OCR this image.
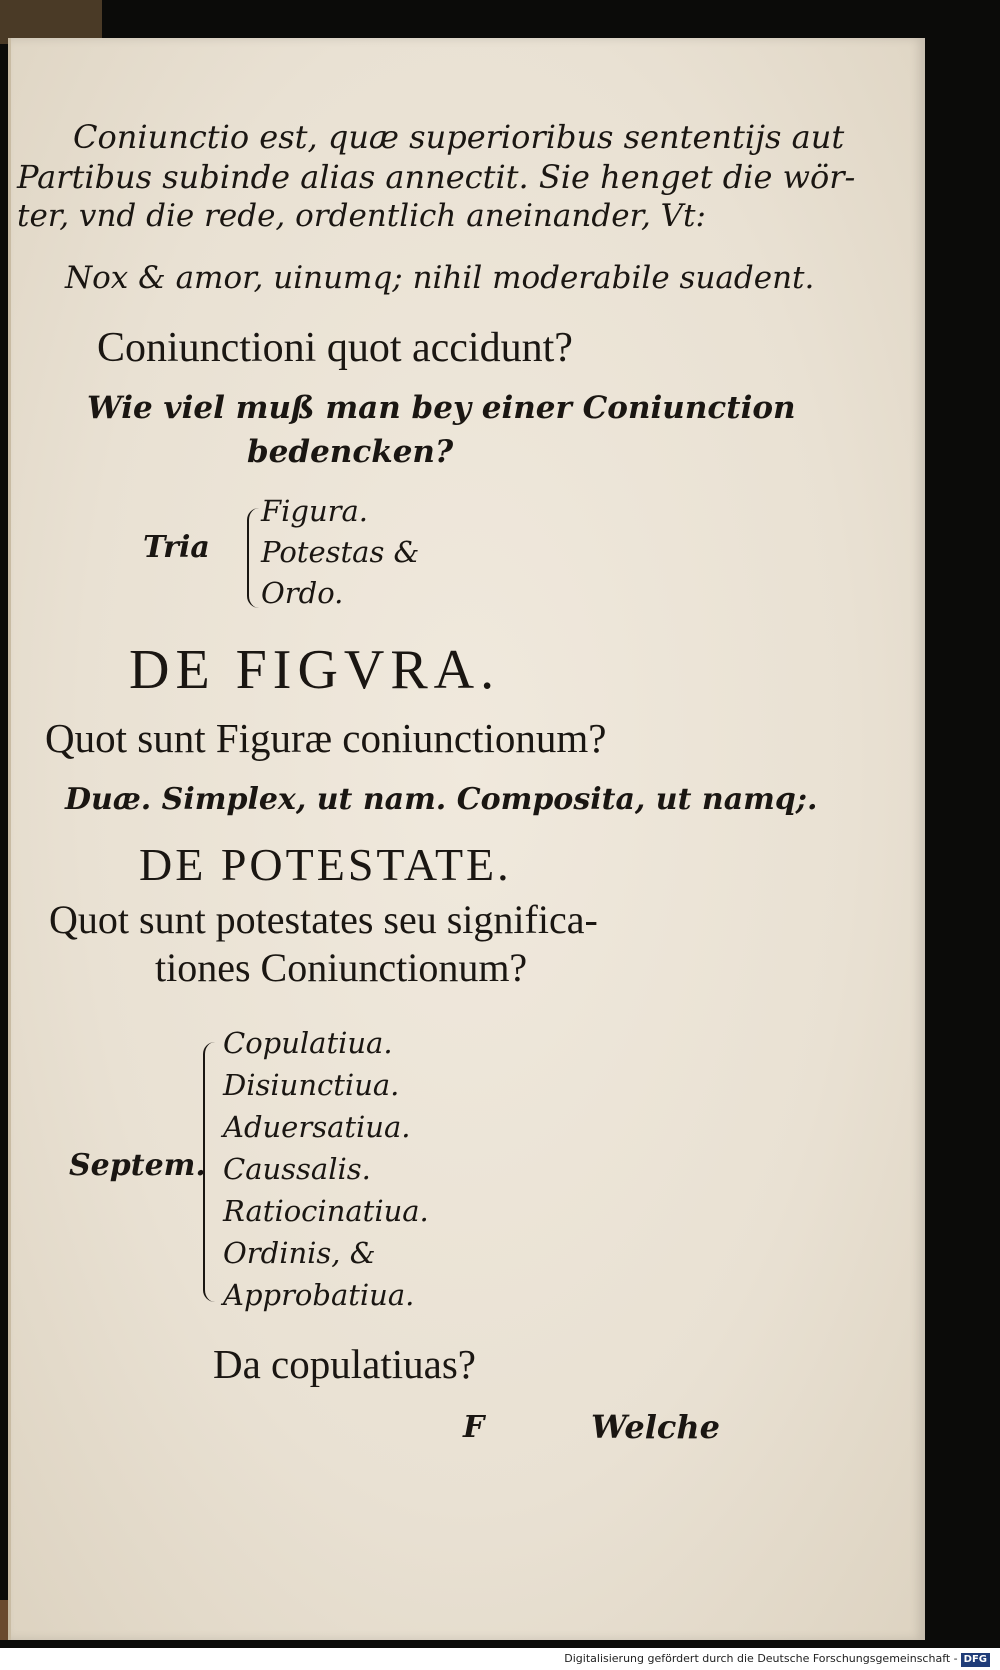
Coniunctio est, quæ superioribus sententijs aut
Partibus subinde alias annectit. Sie henget die wör-
ter, vnd die rede, ordentlich aneinander, Vt:
Nox & amor, uinumq; nihil moderabile suadent.
Coniunctioni quot accidunt?
Wie viel muß man bey einer Coniunction
bedencken?
Tria
Figura.
Potestas &
Ordo.
DE FIGVRA.
Quot sunt Figuræ coniunctionum?
Duæ. Simplex, ut nam. Composita, ut namq;.
DE POTESTATE.
Quot sunt potestates seu significa-
tiones Coniunctionum?
Septem.
Copulatiua.
Disiunctiua.
Aduersatiua.
Caussalis.
Ratiocinatiua.
Ordinis, &
Approbatiua.
Da copulatiuas?
F	Welche
Digitalisierung gefördert durch die Deutsche Forschungsgemeinschaft - DFG
